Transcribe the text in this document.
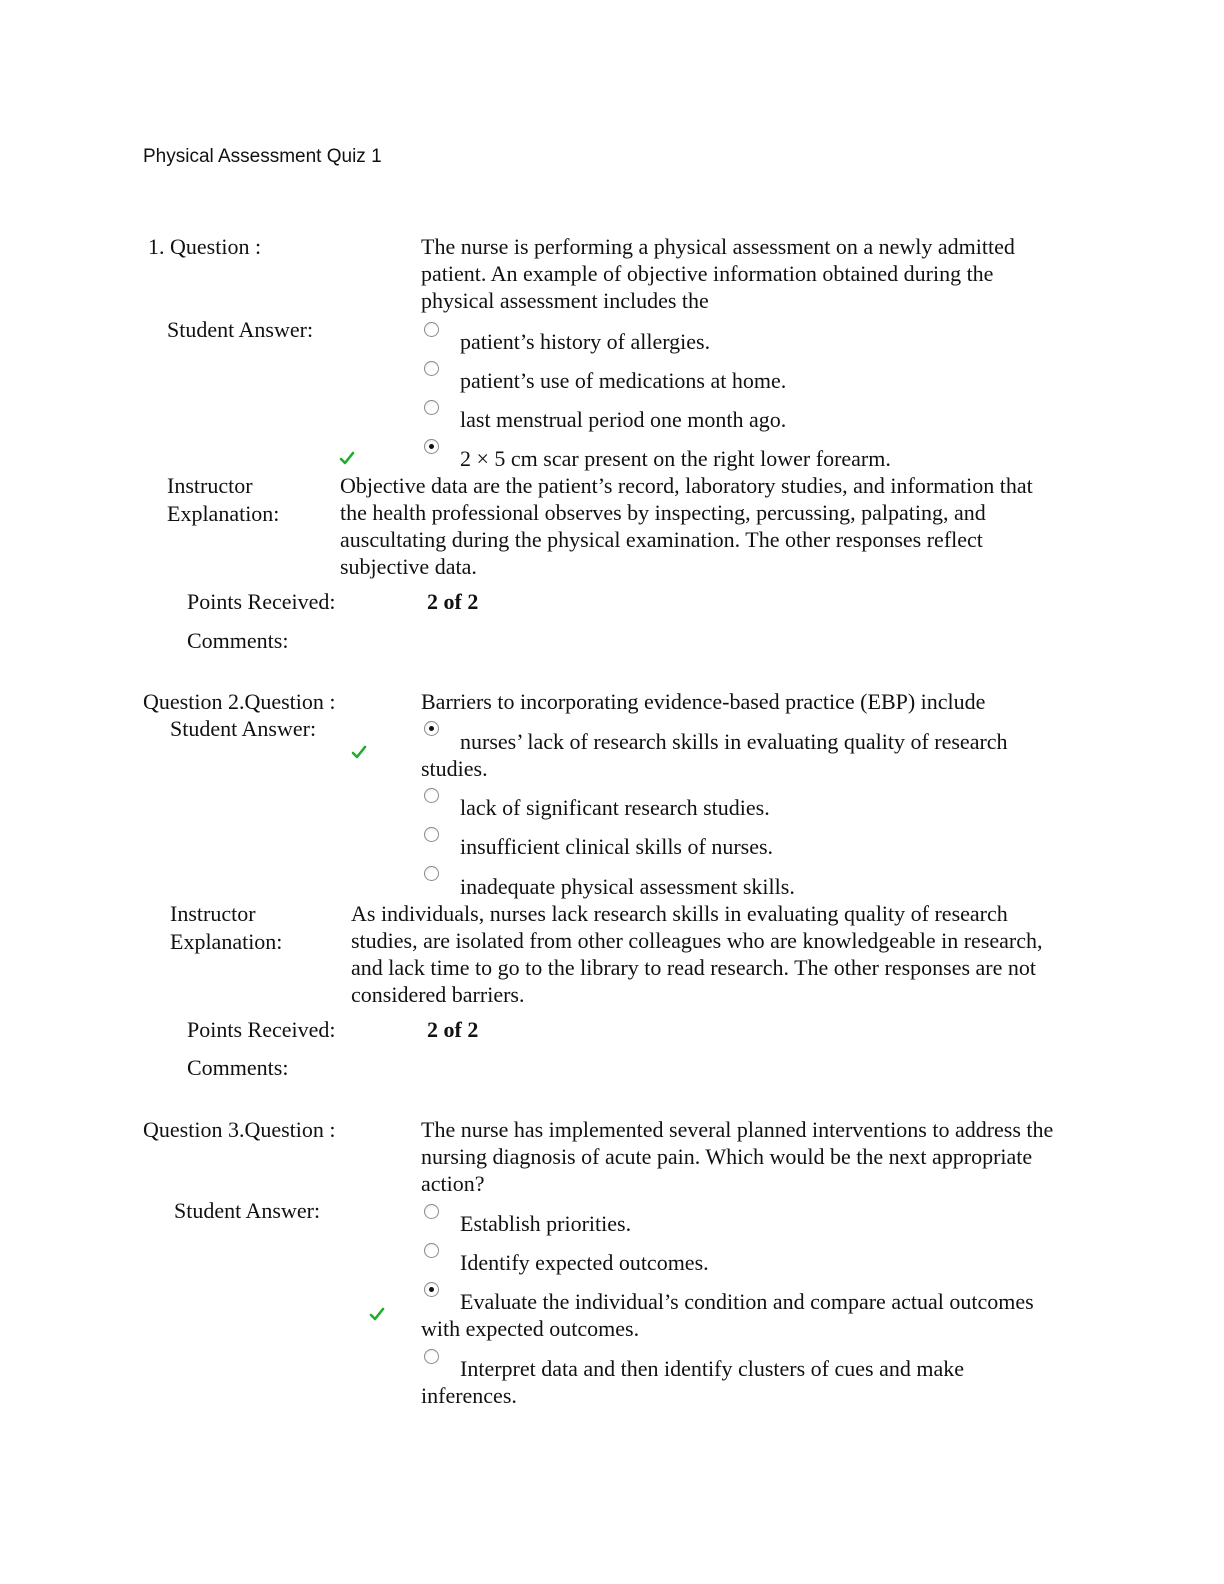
Physical Assessment Quiz 1
1. Question :	The nurse is performing a physical assessment on a newly admitted patient. An example of objective information obtained during the physical assessment includes the
Student Answer:	patient’s history of allergies.
patient’s use of medications at home.
last menstrual period one month ago.
2 × 5 cm scar present on the right lower forearm.
Instructor
Explanation:
Objective data are the patient’s record, laboratory studies, and information that the health professional observes by inspecting, percussing, palpating, and auscultating during the physical examination. The other responses reflect subjective data.
Points Received:	2 of 2
Comments:
Question 2.Question :	Barriers to incorporating evidence-based practice (EBP) include
Student Answer:
nurses’ lack of research skills in evaluating quality of research studies.
lack of significant research studies.
insufficient clinical skills of nurses.
inadequate physical assessment skills.
Instructor
Explanation:
As individuals, nurses lack research skills in evaluating quality of research studies, are isolated from other colleagues who are knowledgeable in research, and lack time to go to the library to read research. The other responses are not considered barriers.
Points Received:	2 of 2
Comments:
Question 3.Question :	The nurse has implemented several planned interventions to address the nursing diagnosis of acute pain. Which would be the next appropriate action?
Student Answer:
Establish priorities.
Identify expected outcomes.
Evaluate the individual’s condition and compare actual outcomes with expected outcomes.
Interpret data and then identify clusters of cues and make inferences.
